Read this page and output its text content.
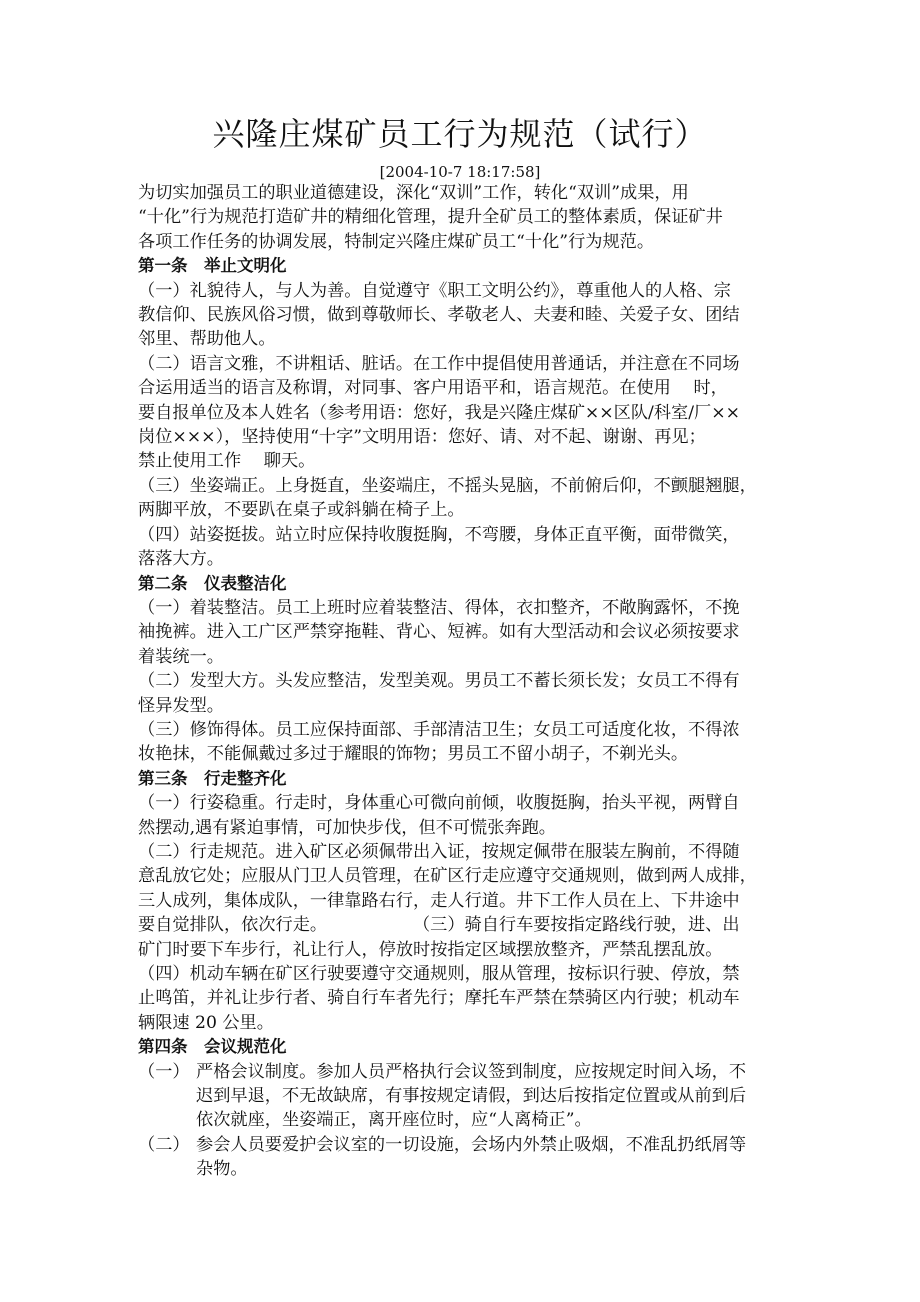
兴隆庄煤矿员工行为规范（试行）
[2004-10-7 18:17:58]
为切实加强员工的职业道德建设，深化“双训”工作，转化“双训”成果，用
“十化”行为规范打造矿井的精细化管理，提升全矿员工的整体素质，保证矿井
各项工作任务的协调发展，特制定兴隆庄煤矿员工“十化”行为规范。
第一条　举止文明化
（一）礼貌待人，与人为善。自觉遵守《职工文明公约》，尊重他人的人格、宗
教信仰、民族风俗习惯，做到尊敬师长、孝敬老人、夫妻和睦、关爱子女、团结
邻里、帮助他人。
（二）语言文雅，不讲粗话、脏话。在工作中提倡使用普通话，并注意在不同场
合运用适当的语言及称谓，对同事、客户用语平和，语言规范。在使用　 时，
要自报单位及本人姓名（参考用语：您好，我是兴隆庄煤矿××区队/科室/厂××
岗位×××），坚持使用“十字”文明用语：您好、请、对不起、谢谢、再见；
禁止使用工作　 聊天。
（三）坐姿端正。上身挺直，坐姿端庄，不摇头晃脑，不前俯后仰，不颤腿翘腿，
两脚平放，不要趴在桌子或斜躺在椅子上。
（四）站姿挺拔。站立时应保持收腹挺胸，不弯腰，身体正直平衡，面带微笑，
落落大方。
第二条　仪表整洁化
（一）着装整洁。员工上班时应着装整洁、得体，衣扣整齐，不敞胸露怀，不挽
袖挽裤。进入工广区严禁穿拖鞋、背心、短裤。如有大型活动和会议必须按要求
着装统一。
（二）发型大方。头发应整洁，发型美观。男员工不蓄长须长发；女员工不得有
怪异发型。
（三）修饰得体。员工应保持面部、手部清洁卫生；女员工可适度化妆，不得浓
妆艳抹，不能佩戴过多过于耀眼的饰物；男员工不留小胡子，不剃光头。
第三条　行走整齐化
（一）行姿稳重。行走时，身体重心可微向前倾，收腹挺胸，抬头平视，两臂自
然摆动,遇有紧迫事情，可加快步伐，但不可慌张奔跑。
（二）行走规范。进入矿区必须佩带出入证，按规定佩带在服装左胸前，不得随
意乱放它处；应服从门卫人员管理，在矿区行走应遵守交通规则，做到两人成排，
三人成列，集体成队，一律靠路右行，走人行道。井下工作人员在上、下井途中
要自觉排队，依次行走。　　　　　　（三）骑自行车要按指定路线行驶，进、出
矿门时要下车步行，礼让行人，停放时按指定区域摆放整齐，严禁乱摆乱放。
（四）机动车辆在矿区行驶要遵守交通规则，服从管理，按标识行驶、停放，禁
止鸣笛，并礼让步行者、骑自行车者先行；摩托车严禁在禁骑区内行驶；机动车
辆限速 20 公里。
第四条　会议规范化
（一） 严格会议制度。参加人员严格执行会议签到制度，应按规定时间入场，不
迟到早退，不无故缺席，有事按规定请假，到达后按指定位置或从前到后
依次就座，坐姿端正，离开座位时，应“人离椅正”。
（二） 参会人员要爱护会议室的一切设施，会场内外禁止吸烟，不准乱扔纸屑等
杂物。
